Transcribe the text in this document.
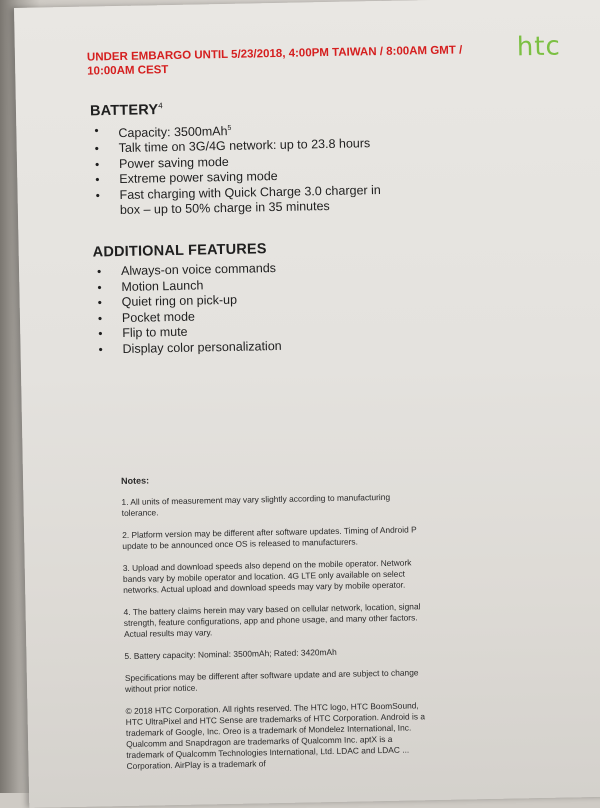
UNDER EMBARGO UNTIL 5/23/2018, 4:00PM TAIWAN / 8:00AM GMT / 10:00AM CEST
htc
BATTERY$^4$
• Capacity: 3500mAh$^5$
• Talk time on 3G/4G network: up to 23.8 hours
• Power saving mode
• Extreme power saving mode
• Fast charging with Quick Charge 3.0 charger in box – up to 50% charge in 35 minutes
ADDITIONAL FEATURES
• Always-on voice commands
• Motion Launch
• Quiet ring on pick-up
• Pocket mode
• Flip to mute
• Display color personalization
Notes:

1. All units of measurement may vary slightly according to manufacturing tolerance.

2. Platform version may be different after software updates. Timing of Android P update to be announced once OS is released to manufacturers.

3. Upload and download speeds also depend on the mobile operator. Network bands vary by mobile operator and location. 4G LTE only available on select networks. Actual upload and download speeds may vary by mobile operator.

4. The battery claims herein may vary based on cellular network, location, signal strength, feature configurations, app and phone usage, and many other factors. Actual results may vary.

5. Battery capacity: Nominal: 3500mAh; Rated: 3420mAh

Specifications may be different after software update and are subject to change without prior notice.

© 2018 HTC Corporation. All rights reserved. The HTC logo, HTC BoomSound, HTC UltraPixel and HTC Sense are trademarks of HTC Corporation. Android is a trademark of Google, Inc. Oreo is a trademark of Mondelez International, Inc. Qualcomm and Snapdragon are trademarks of Qualcomm Inc. aptX is a trademark of Qualcomm Technologies International, Ltd. LDAC and LDAC ... Corporation. AirPlay is a trademark of
